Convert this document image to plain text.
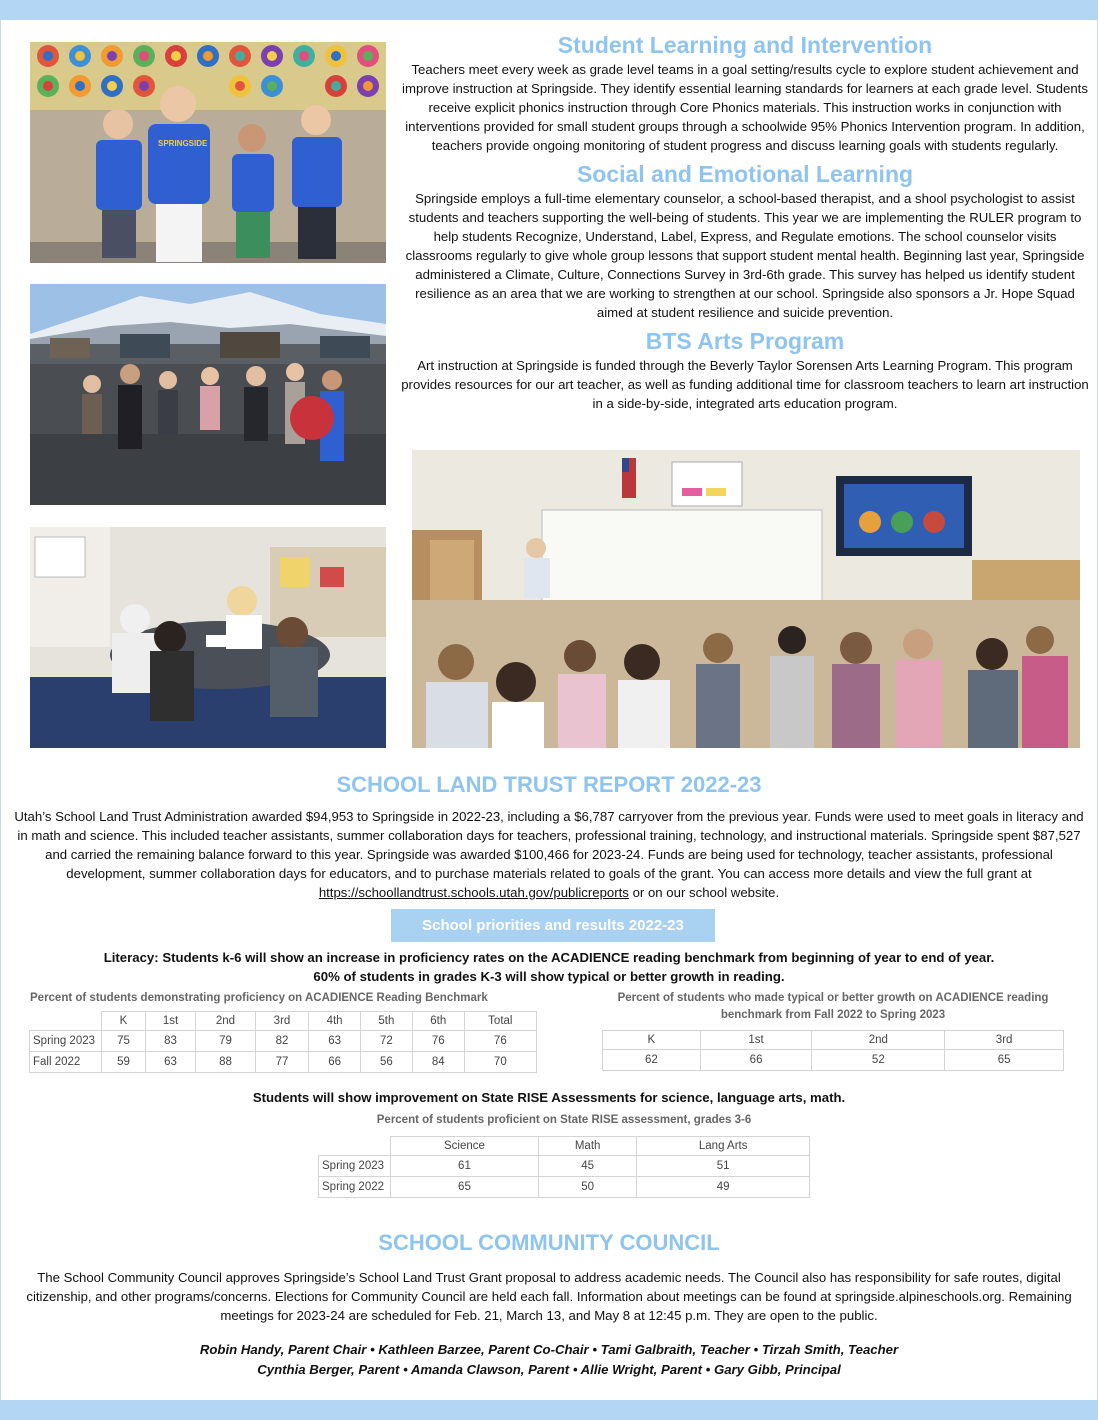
SPRINGSIDE
Student Learning and Intervention
Teachers meet every week as grade level teams in a goal setting/results cycle to explore student achievement and improve instruction at Springside. They identify essential learning standards for learners at each grade level. Students receive explicit phonics instruction through Core Phonics materials. This instruction works in conjunction with interventions provided for small student groups through a schoolwide 95% Phonics Intervention program. In addition, teachers provide ongoing monitoring of student progress and discuss learning goals with students regularly.
Social and Emotional Learning
Springside employs a full-time elementary counselor, a school-based therapist, and a shool psychologist to assist students and teachers supporting the well-being of students. This year we are implementing the RULER program to help students Recognize, Understand, Label, Express, and Regulate emotions. The school counselor visits classrooms regularly to give whole group lessons that support student mental health. Beginning last year, Springside administered a Climate, Culture, Connections Survey in 3rd-6th grade. This survey has helped us identify student resilience as an area that we are working to strengthen at our school. Springside also sponsors a Jr. Hope Squad aimed at student resilience and suicide prevention.
BTS Arts Program
Art instruction at Springside is funded through the Beverly Taylor Sorensen Arts Learning Program. This program provides resources for our art teacher, as well as funding additional time for classroom teachers to learn art instruction in a side-by-side, integrated arts education program.
SCHOOL LAND TRUST REPORT 2022-23
Utah’s School Land Trust Administration awarded $94,953 to Springside in 2022-23, including a $6,787 carryover from the previous year. Funds were used to meet goals in literacy and in math and science. This included teacher assistants, summer collaboration days for teachers, professional training, technology, and instructional materials. Springside spent $87,527 and carried the remaining balance forward to this year. Springside was awarded $100,466 for 2023-24. Funds are being used for technology, teacher assistants, professional development, summer collaboration days for educators, and to purchase materials related to goals of the grant. You can access more details and view the full grant at https://schoollandtrust.schools.utah.gov/publicreports or on our school website.
School priorities and results 2022-23
Literacy: Students k-6 will show an increase in proficiency rates on the ACADIENCE reading benchmark from beginning of year to end of year.
60% of students in grades K-3 will show typical or better growth in reading.
Percent of students demonstrating proficiency on ACADIENCE Reading Benchmark
	K	1st	2nd	3rd	4th	5th	6th	Total
Spring 2023	75	83	79	82	63	72	76	76
Fall 2022	59	63	88	77	66	56	84	70
Percent of students who made typical or better growth on ACADIENCE reading
benchmark from Fall 2022 to Spring 2023
K	1st	2nd	3rd
62	66	52	65
Students will show improvement on State RISE Assessments for science, language arts, math.
Percent of students proficient on State RISE assessment, grades 3-6
	Science	Math	Lang Arts
Spring 2023	61	45	51
Spring 2022	65	50	49
SCHOOL COMMUNITY COUNCIL
The School Community Council approves Springside’s School Land Trust Grant proposal to address academic needs. The Council also has responsibility for safe routes, digital citizenship, and other programs/concerns. Elections for Community Council are held each fall. Information about meetings can be found at springside.alpineschools.org. Remaining meetings for 2023-24 are scheduled for Feb. 21, March 13, and May 8 at 12:45 p.m. They are open to the public.
Robin Handy, Parent Chair • Kathleen Barzee, Parent Co-Chair • Tami Galbraith, Teacher • Tirzah Smith, Teacher
Cynthia Berger, Parent • Amanda Clawson, Parent • Allie Wright, Parent • Gary Gibb, Principal
